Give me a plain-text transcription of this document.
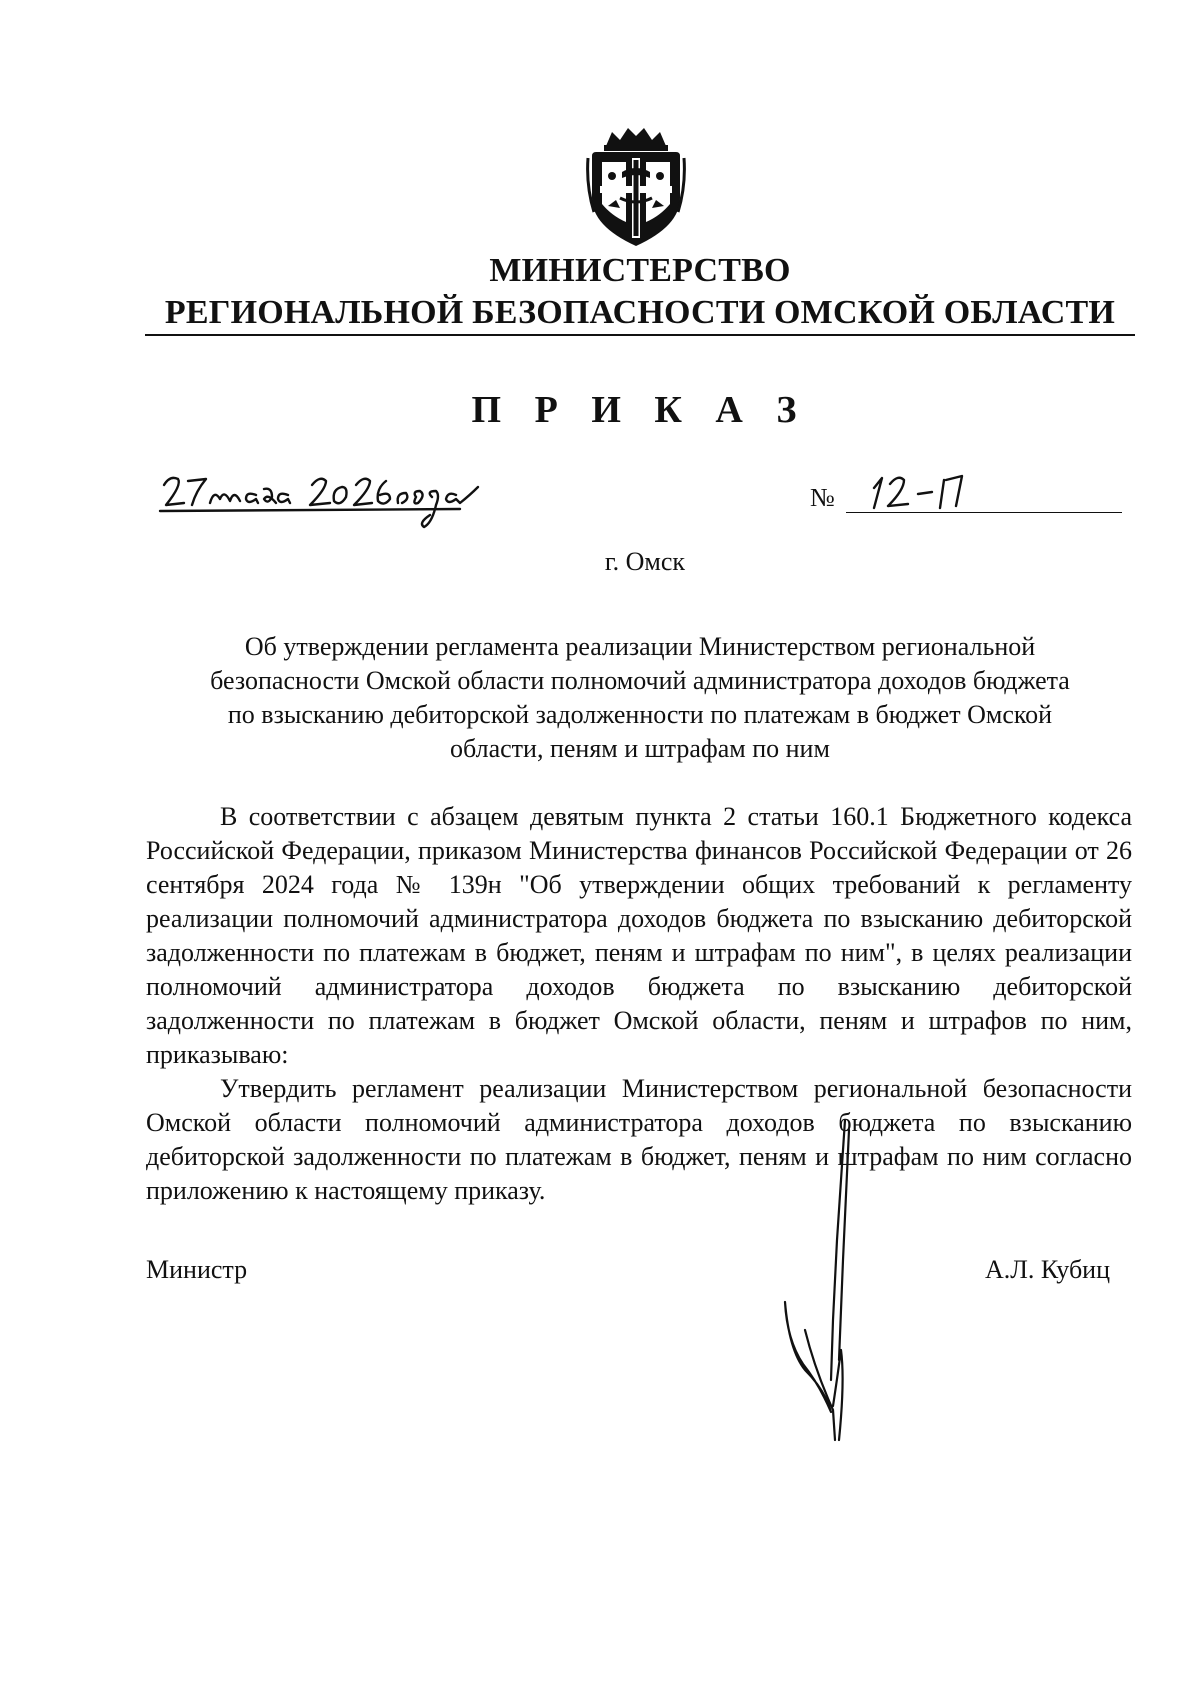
МИНИСТЕРСТВО
РЕГИОНАЛЬНОЙ БЕЗОПАСНОСТИ ОМСКОЙ ОБЛАСТИ
П Р И К А З
№
г. Омск
Об утверждении регламента реализации Министерством региональной
безопасности Омской области полномочий администратора доходов бюджета
по взысканию дебиторской задолженности по платежам в бюджет Омской
области, пеням и штрафам по ним

В соответствии с абзацем девятым пункта 2 статьи 160.1 Бюджетного кодекса Российской Федерации, приказом Министерства финансов Российской Федерации от 26 сентября 2024 года № 139н "Об утверждении общих требований к регламенту реализации полномочий администратора доходов бюджета по взысканию дебиторской задолженности по платежам в бюджет, пеням и штрафам по ним", в целях реализации полномочий администратора доходов бюджета по взысканию дебиторской задолженности по платежам в бюджет Омской области, пеням и штрафов по ним, приказываю:

Утвердить регламент реализации Министерством региональной безопасности Омской области полномочий администратора доходов бюджета по взысканию дебиторской задолженности по платежам в бюджет, пеням и штрафам по ним согласно приложению к настоящему приказу.

Министр	А.Л. Кубиц
